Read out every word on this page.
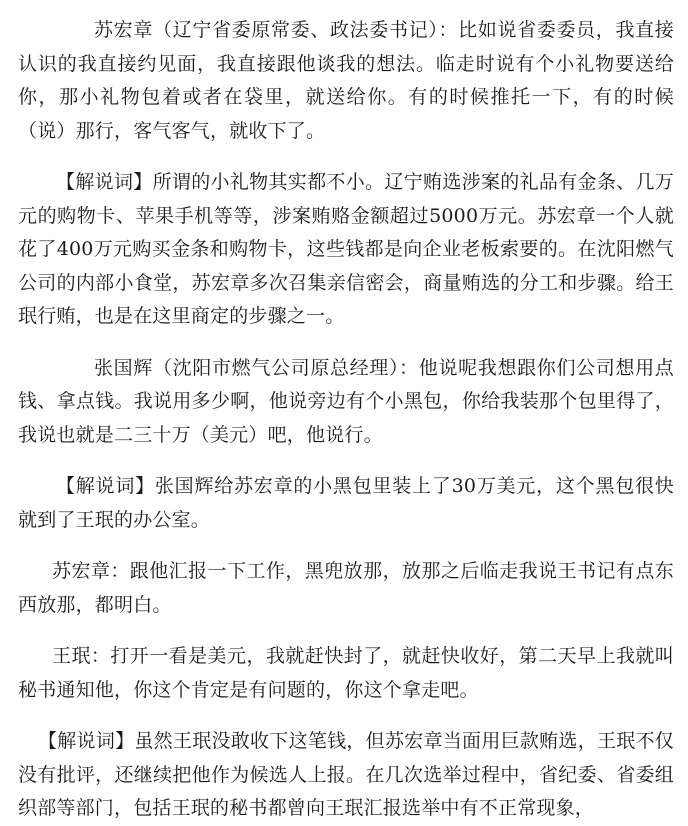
苏宏章（辽宁省委原常委、政法委书记）：比如说省委委员，我直接认识的我直接约见面，我直接跟他谈我的想法。临走时说有个小礼物要送给你，那小礼物包着或者在袋里，就送给你。有的时候推托一下，有的时候（说）那行，客气客气，就收下了。

【解说词】所谓的小礼物其实都不小。辽宁贿选涉案的礼品有金条、几万元的购物卡、苹果手机等等，涉案贿赂金额超过5000万元。苏宏章一个人就花了400万元购买金条和购物卡，这些钱都是向企业老板索要的。在沈阳燃气公司的内部小食堂，苏宏章多次召集亲信密会，商量贿选的分工和步骤。给王珉行贿，也是在这里商定的步骤之一。

张国辉（沈阳市燃气公司原总经理）：他说呢我想跟你们公司想用点钱、拿点钱。我说用多少啊，他说旁边有个小黑包，你给我装那个包里得了，我说也就是二三十万（美元）吧，他说行。

【解说词】张国辉给苏宏章的小黑包里装上了30万美元，这个黑包很快就到了王珉的办公室。

苏宏章：跟他汇报一下工作，黑兜放那，放那之后临走我说王书记有点东西放那，都明白。

王珉：打开一看是美元，我就赶快封了，就赶快收好，第二天早上我就叫秘书通知他，你这个肯定是有问题的，你这个拿走吧。

【解说词】虽然王珉没敢收下这笔钱，但苏宏章当面用巨款贿选，王珉不仅没有批评，还继续把他作为候选人上报。在几次选举过程中，省纪委、省委组织部等部门，包括王珉的秘书都曾向王珉汇报选举中有不正常现象，
